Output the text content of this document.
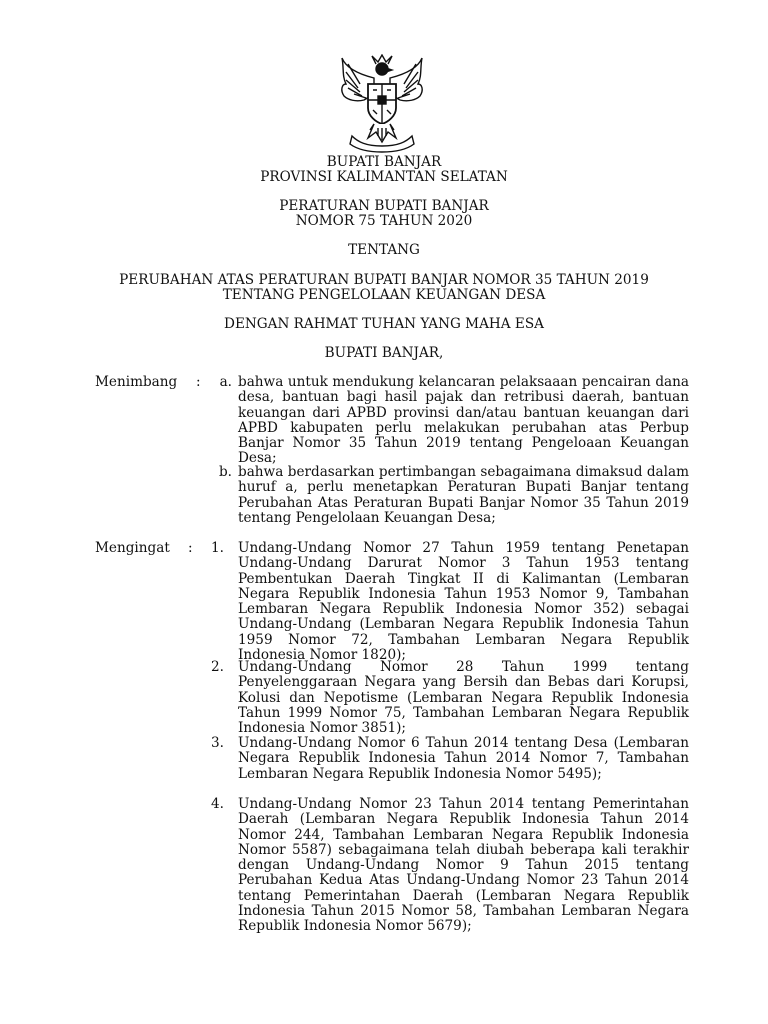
BUPATI BANJAR
PROVINSI KALIMANTAN SELATAN
PERATURAN BUPATI BANJAR
NOMOR 75 TAHUN 2020
TENTANG
PERUBAHAN ATAS PERATURAN BUPATI BANJAR NOMOR 35 TAHUN 2019
TENTANG PENGELOLAAN KEUANGAN DESA
DENGAN RAHMAT TUHAN YANG MAHA ESA
BUPATI BANJAR,
Menimbang :	a. bahwa untuk mendukung kelancaran pelaksaaan pencairan dana desa, bantuan bagi hasil pajak dan retribusi daerah, bantuan keuangan dari APBD provinsi dan/atau bantuan keuangan dari APBD kabupaten perlu melakukan perubahan atas Perbup Banjar Nomor 35 Tahun 2019 tentang Pengeloaan Keuangan Desa;
b. bahwa berdasarkan pertimbangan sebagaimana dimaksud dalam huruf a, perlu menetapkan Peraturan Bupati Banjar tentang Perubahan Atas Peraturan Bupati Banjar Nomor 35 Tahun 2019 tentang Pengelolaan Keuangan Desa;
Mengingat :	1. Undang-Undang Nomor 27 Tahun 1959 tentang Penetapan Undang-Undang Darurat Nomor 3 Tahun 1953 tentang Pembentukan Daerah Tingkat II di Kalimantan (Lembaran Negara Republik Indonesia Tahun 1953 Nomor 9, Tambahan Lembaran Negara Republik Indonesia Nomor 352) sebagai Undang-Undang (Lembaran Negara Republik Indonesia Tahun 1959 Nomor 72, Tambahan Lembaran Negara Republik Indonesia Nomor 1820);
2. Undang-Undang Nomor 28 Tahun 1999 tentang Penyelenggaraan Negara yang Bersih dan Bebas dari Korupsi, Kolusi dan Nepotisme (Lembaran Negara Republik Indonesia Tahun 1999 Nomor 75, Tambahan Lembaran Negara Republik Indonesia Nomor 3851);
3. Undang-Undang Nomor 6 Tahun 2014 tentang Desa (Lembaran Negara Republik Indonesia Tahun 2014 Nomor 7, Tambahan Lembaran Negara Republik Indonesia Nomor 5495);
4. Undang-Undang Nomor 23 Tahun 2014 tentang Pemerintahan Daerah (Lembaran Negara Republik Indonesia Tahun 2014 Nomor 244, Tambahan Lembaran Negara Republik Indonesia Nomor 5587) sebagaimana telah diubah beberapa kali terakhir dengan Undang-Undang Nomor 9 Tahun 2015 tentang Perubahan Kedua Atas Undang-Undang Nomor 23 Tahun 2014 tentang Pemerintahan Daerah (Lembaran Negara Republik Indonesia Tahun 2015 Nomor 58, Tambahan Lembaran Negara Republik Indonesia Nomor 5679);
